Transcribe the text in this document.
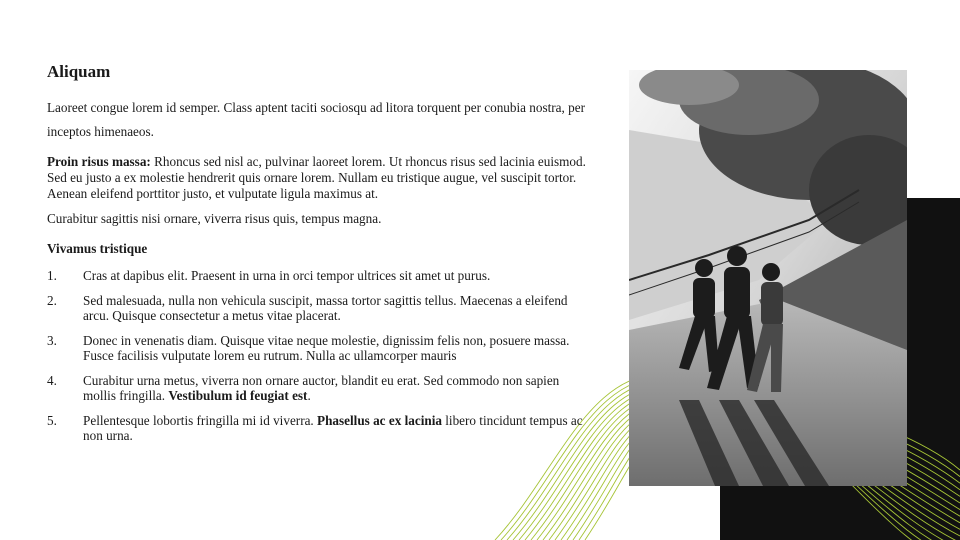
Aliquam

Laoreet congue lorem id semper. Class aptent taciti sociosqu ad litora torquent per conubia nostra, per inceptos himenaeos.

Proin risus massa: Rhoncus sed nisl ac, pulvinar laoreet lorem. Ut rhoncus risus sed lacinia euismod. Sed eu justo a ex molestie hendrerit quis ornare lorem. Nullam eu tristique augue, vel suscipit tortor. Aenean eleifend porttitor justo, et vulputate ligula maximus at.

Curabitur sagittis nisi ornare, viverra risus quis, tempus magna.

Vivamus tristique
1. Cras at dapibus elit. Praesent in urna in orci tempor ultrices sit amet ut purus.
2. Sed malesuada, nulla non vehicula suscipit, massa tortor sagittis tellus. Maecenas a eleifend arcu. Quisque consectetur a metus vitae placerat.
3. Donec in venenatis diam. Quisque vitae neque molestie, dignissim felis non, posuere massa. Fusce facilisis vulputate lorem eu rutrum. Nulla ac ullamcorper mauris
4. Curabitur urna metus, viverra non ornare auctor, blandit eu erat. Sed commodo non sapien mollis fringilla. Vestibulum id feugiat est.
5. Pellentesque lobortis fringilla mi id viverra. Phasellus ac ex lacinia libero tincidunt tempus ac non urna.
